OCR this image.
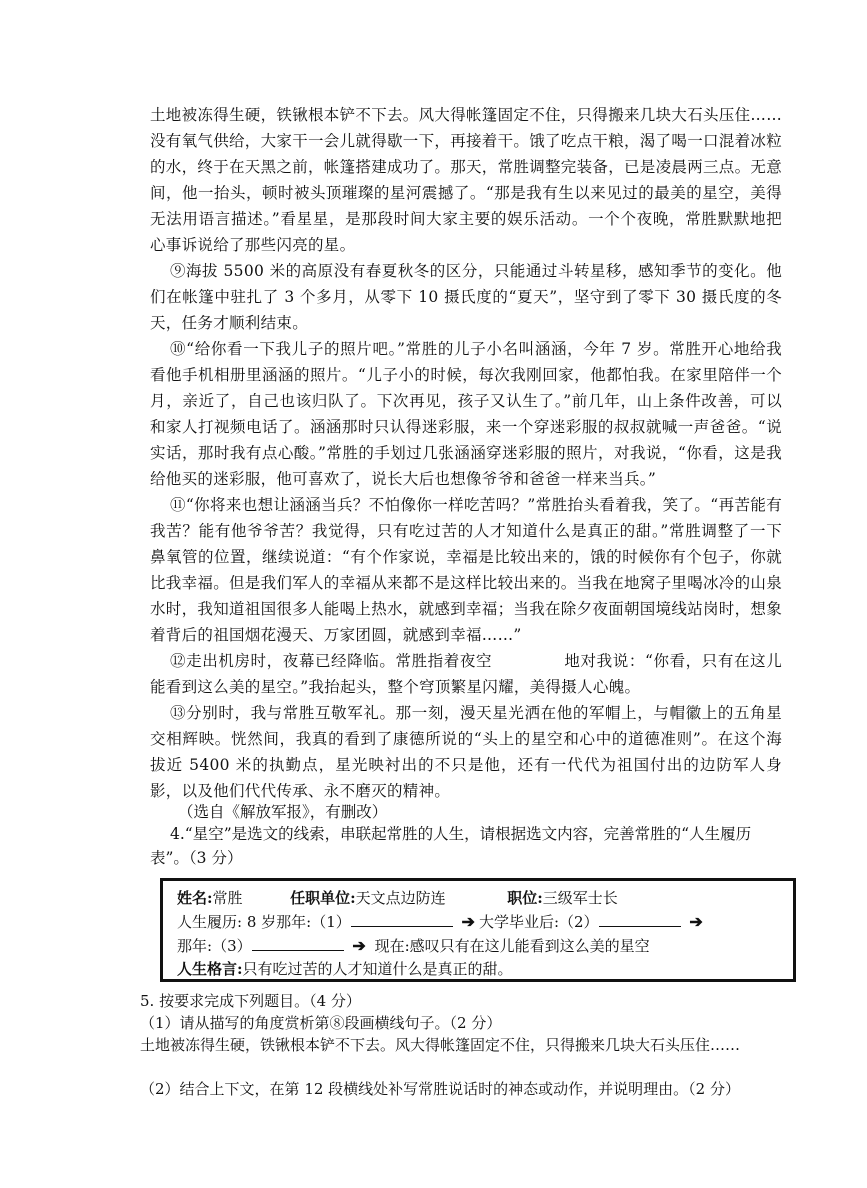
土地被冻得生硬，铁锹根本铲不下去。风大得帐篷固定不住，只得搬来几块大石头压住……没有氧气供给，大家干一会儿就得歇一下，再接着干。饿了吃点干粮，渴了喝一口混着冰粒的水，终于在天黑之前，帐篷搭建成功了。那天，常胜调整完装备，已是凌晨两三点。无意间，他一抬头，顿时被头顶璀璨的星河震撼了。“那是我有生以来见过的最美的星空，美得无法用语言描述。”看星星，是那段时间大家主要的娱乐活动。一个个夜晚，常胜默默地把心事诉说给了那些闪亮的星。

⑨海拔 5500 米的高原没有春夏秋冬的区分，只能通过斗转星移，感知季节的变化。他们在帐篷中驻扎了 3 个多月，从零下 10 摄氏度的“夏天”，坚守到了零下 30 摄氏度的冬天，任务才顺利结束。

⑩“给你看一下我儿子的照片吧。”常胜的儿子小名叫涵涵，今年 7 岁。常胜开心地给我看他手机相册里涵涵的照片。“儿子小的时候，每次我刚回家，他都怕我。在家里陪伴一个月，亲近了，自己也该归队了。下次再见，孩子又认生了。”前几年，山上条件改善，可以和家人打视频电话了。涵涵那时只认得迷彩服，来一个穿迷彩服的叔叔就喊一声爸爸。“说实话，那时我有点心酸。”常胜的手划过几张涵涵穿迷彩服的照片，对我说，“你看，这是我给他买的迷彩服，他可喜欢了，说长大后也想像爷爷和爸爸一样来当兵。”

⑪“你将来也想让涵涵当兵？不怕像你一样吃苦吗？”常胜抬头看着我，笑了。“再苦能有我苦？能有他爷爷苦？我觉得，只有吃过苦的人才知道什么是真正的甜。”常胜调整了一下鼻氧管的位置，继续说道：“有个作家说，幸福是比较出来的，饿的时候你有个包子，你就比我幸福。但是我们军人的幸福从来都不是这样比较出来的。当我在地窝子里喝冰冷的山泉水时，我知道祖国很多人能喝上热水，就感到幸福；当我在除夕夜面朝国境线站岗时，想象着背后的祖国烟花漫天、万家团圆，就感到幸福……”

⑫走出机房时，夜幕已经降临。常胜指着夜空	地对我说：“你看，只有在这儿能看到这么美的星空。”我抬起头，整个穹顶繁星闪耀，美得摄人心魄。

⑬分别时，我与常胜互敬军礼。那一刻，漫天星光洒在他的军帽上，与帽徽上的五角星交相辉映。恍然间，我真的看到了康德所说的“头上的星空和心中的道德准则”。在这个海拔近 5400 米的执勤点，星光映衬出的不只是他，还有一代代为祖国付出的边防军人身影，以及他们代代传承、永不磨灭的精神。

（选自《解放军报》，有删改）

4.“星空”是选文的线索，串联起常胜的人生，请根据选文内容，完善常胜的“人生履历表”。（3 分）

姓名:常胜	任职单位:天文点边防连	职位:三级军士长
人生履历: 8 岁那年:（1）	➔ 大学毕业后:（2）	➔
那年:（3）	➔ 现在:感叹只有在这儿能看到这么美的星空
人生格言:只有吃过苦的人才知道什么是真正的甜。

5. 按要求完成下列题目。（4 分）

（1）请从描写的角度赏析第⑧段画横线句子。（2 分）

土地被冻得生硬，铁锹根本铲不下去。风大得帐篷固定不住，只得搬来几块大石头压住……

（2）结合上下文，在第 12 段横线处补写常胜说话时的神态或动作，并说明理由。（2 分）
